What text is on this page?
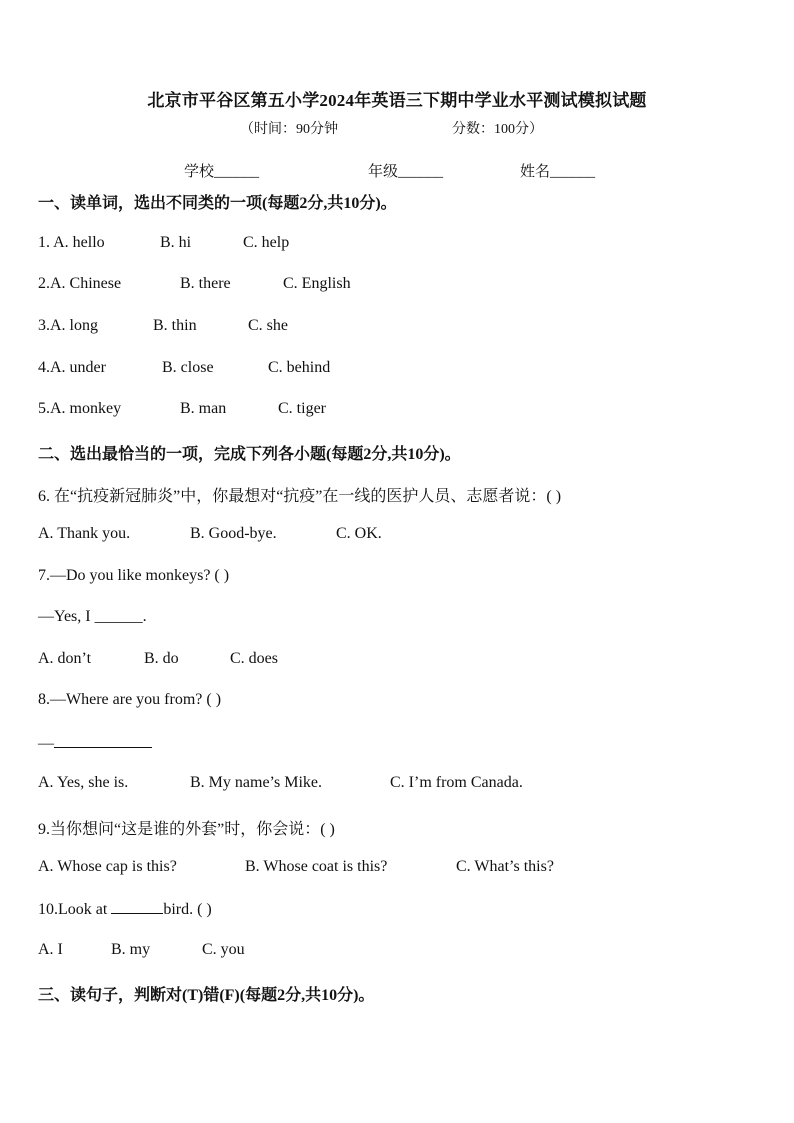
北京市平谷区第五小学2024年英语三下期中学业水平测试模拟试题
（时间：90分钟	分数：100分）
学校______	年级______	姓名______
一、读单词，选出不同类的一项(每题2分,共10分)。
1. A. hello	B. hi	C. help
2.A. Chinese	B. there	C. English
3.A. long	B. thin	C. she
4.A. under	B. close	C. behind
5.A. monkey	B. man	C. tiger
二、选出最恰当的一项，完成下列各小题(每题2分,共10分)。
6. 在“抗疫新冠肺炎”中，你最想对“抗疫”在一线的医护人员、志愿者说：( )
A. Thank you.	B. Good-bye.	C. OK.
7.—Do you like monkeys? ( )
—Yes, I ______.
A. don’t	B. do	C. does
8.—Where are you from? ( )
—
A. Yes, she is.	B. My name’s Mike.	C. I’m from Canada.
9.当你想问“这是谁的外套”时，你会说：( )
A. Whose cap is this?	B. Whose coat is this?	C. What’s this?
10.Look at	bird. ( )
A. I	B. my	C. you
三、读句子，判断对(T)错(F)(每题2分,共10分)。
